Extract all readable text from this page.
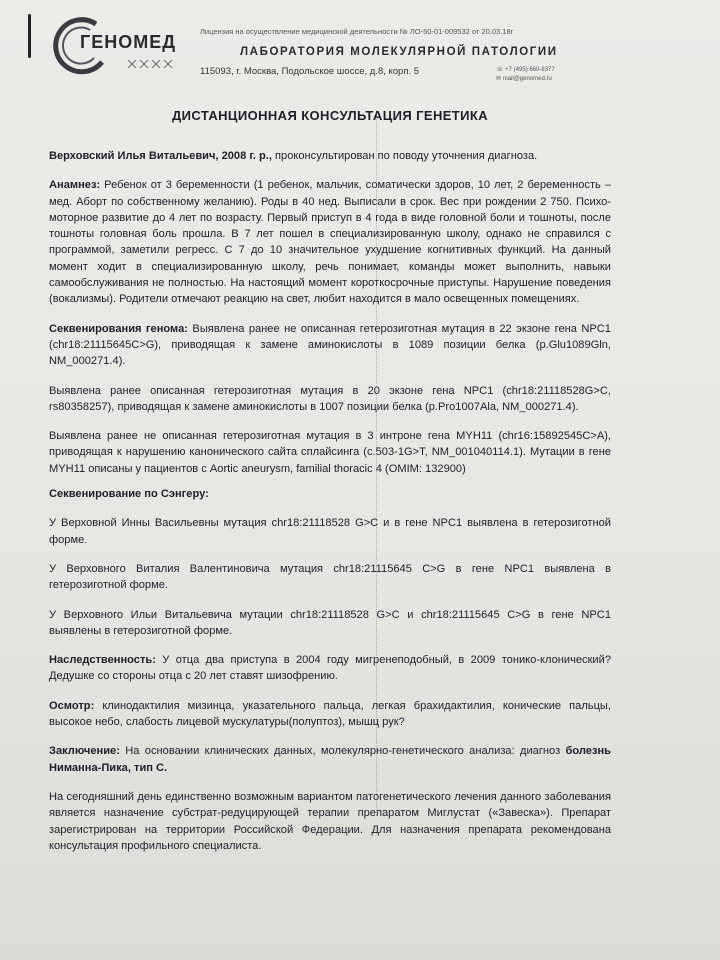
ГЕНОМЕД
Лицензия на осуществление медицинской деятельности № ЛО-50-01-009532 от 20.03.18г
ЛАБОРАТОРИЯ МОЛЕКУЛЯРНОЙ ПАТОЛОГИИ
115093, г. Москва, Подольское шоссе, д.8, корп. 5	☏ +7 (495) 660-8377
✉ mail@genomed.ru
ДИСТАНЦИОННАЯ КОНСУЛЬТАЦИЯ ГЕНЕТИКА

Верховский Илья Витальевич, 2008 г. р., проконсультирован по поводу уточнения диагноза.

Анамнез: Ребенок от 3 беременности (1 ребенок, мальчик, соматически здоров, 10 лет, 2 беременность – мед. Аборт по собственному желанию). Роды в 40 нед. Выписали в срок. Вес при рождении 2 750. Психо-моторное развитие до 4 лет по возрасту. Первый приступ в 4 года в виде головной боли и тошноты, после тошноты головная боль прошла. В 7 лет пошел в специализированную школу, однако не справился с программой, заметили регресс. С 7 до 10 значительное ухудшение когнитивных функций. На данный момент ходит в специализированную школу, речь понимает, команды может выполнить, навыки самообслуживания не полностью. На настоящий момент короткосрочные приступы. Нарушение поведения (вокализмы). Родители отмечают реакцию на свет, любит находится в мало освещенных помещениях.

Секвенирования генома: Выявлена ранее не описанная гетерозиготная мутация в 22 экзоне гена NPC1 (chr18:21115645C>G), приводящая к замене аминокислоты в 1089 позиции белка (p.Glu1089Gln, NM_000271.4).

Выявлена ранее описанная гетерозиготная мутация в 20 экзоне гена NPC1 (chr18:21118528G>C, rs80358257), приводящая к замене аминокислоты в 1007 позиции белка (p.Pro1007Ala, NM_000271.4).

Выявлена ранее не описанная гетерозиготная мутация в 3 интроне гена MYH11 (chr16:15892545C>A), приводящая к нарушению канонического сайта сплайсинга (c.503-1G>T, NM_001040114.1). Мутации в гене MYH11 описаны у пациентов с Aortic aneurysm, familial thoracic 4 (OMIM: 132900)

Секвенирование по Сэнгеру:

У Верховной Инны Васильевны мутация chr18:21118528 G>C и в гене NPC1 выявлена в гетерозиготной форме.

У Верховного Виталия Валентиновича мутация chr18:21115645 C>G в гене NPC1 выявлена в гетерозиготной форме.

У Верховного Ильи Витальевича мутации chr18:21118528 G>C и chr18:21115645 C>G в гене NPC1 выявлены в гетерозиготной форме.

Наследственность: У отца два приступа в 2004 году мигренеподобный, в 2009 тонико-клонический? Дедушке со стороны отца с 20 лет ставят шизофрению.

Осмотр: клинодактилия мизинца, указательного пальца, легкая брахидактилия, конические пальцы, высокое небо, слабость лицевой мускулатуры(полуптоз), мышц рук?

Заключение: На основании клинических данных, молекулярно-генетического анализа: диагноз болезнь Ниманна-Пика, тип С.

На сегодняшний день единственно возможным вариантом патогенетического лечения данного заболевания является назначение субстрат-редуцирующей терапии препаратом Миглустат («Завеска»). Препарат зарегистрирован на территории Российской Федерации. Для назначения препарата рекомендована консультация профильного специалиста.
